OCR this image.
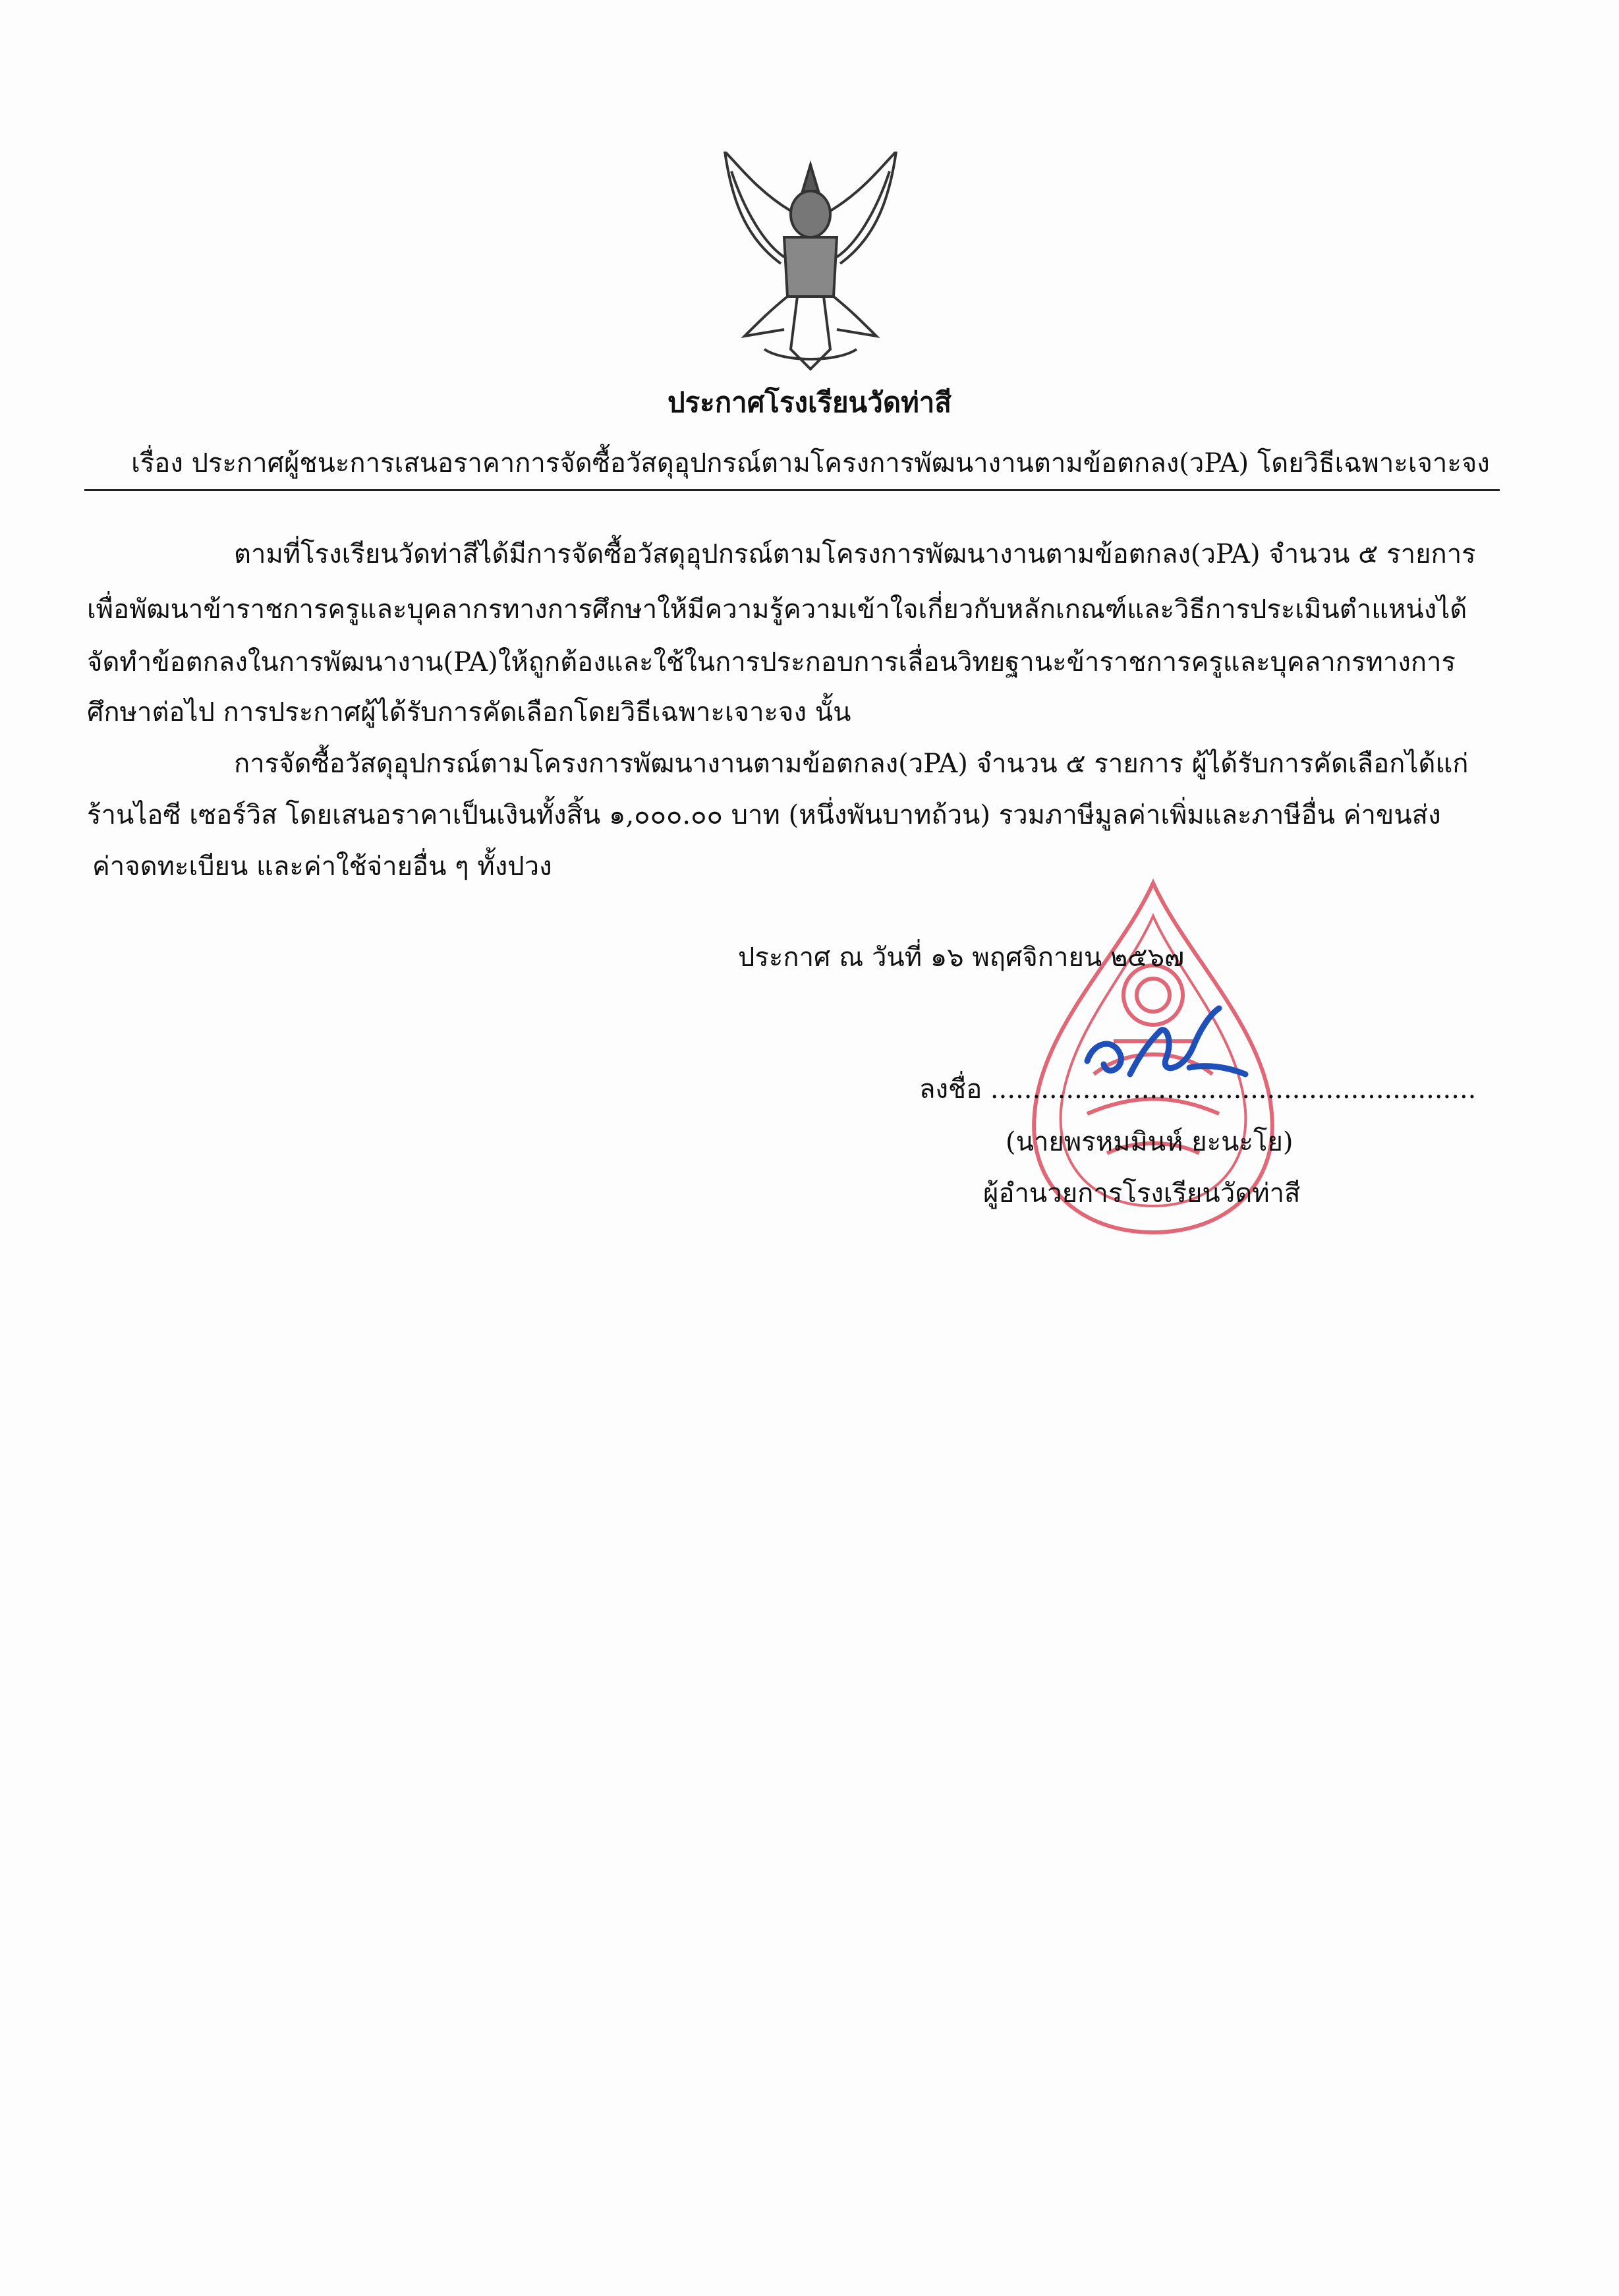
ประกาศโรงเรียนวัดท่าสี
เรื่อง ประกาศผู้ชนะการเสนอราคาการจัดซื้อวัสดุอุปกรณ์ตามโครงการพัฒนางานตามข้อตกลง(วPA) โดยวิธีเฉพาะเจาะจง
ตามที่โรงเรียนวัดท่าสีได้มีการจัดซื้อวัสดุอุปกรณ์ตามโครงการพัฒนางานตามข้อตกลง(วPA) จำนวน ๕ รายการ
เพื่อพัฒนาข้าราชการครูและบุคลากรทางการศึกษาให้มีความรู้ความเข้าใจเกี่ยวกับหลักเกณฑ์และวิธีการประเมินตำแหน่งได้
จัดทำข้อตกลงในการพัฒนางาน(PA)ให้ถูกต้องและใช้ในการประกอบการเลื่อนวิทยฐานะข้าราชการครูและบุคลากรทางการ
ศึกษาต่อไป การประกาศผู้ได้รับการคัดเลือกโดยวิธีเฉพาะเจาะจง นั้น
การจัดซื้อวัสดุอุปกรณ์ตามโครงการพัฒนางานตามข้อตกลง(วPA) จำนวน ๕ รายการ ผู้ได้รับการคัดเลือกได้แก่
ร้านไอซี เซอร์วิส โดยเสนอราคาเป็นเงินทั้งสิ้น ๑,๐๐๐.๐๐ บาท (หนึ่งพันบาทถ้วน) รวมภาษีมูลค่าเพิ่มและภาษีอื่น ค่าขนส่ง
ค่าจดทะเบียน และค่าใช้จ่ายอื่น ๆ ทั้งปวง
ประกาศ ณ วันที่ ๑๖ พฤศจิกายน ๒๕๖๗
ลงชื่อ ..........................................................
(นายพรหมมินห์ ยะนะโย)
ผู้อำนวยการโรงเรียนวัดท่าสี
